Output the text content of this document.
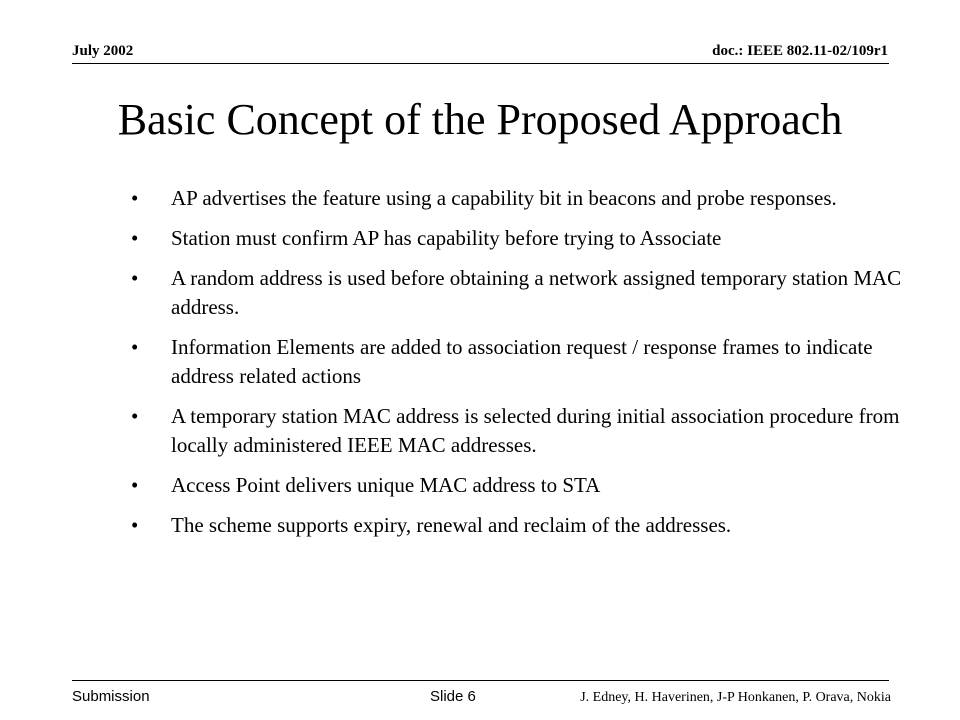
July 2002	doc.: IEEE 802.11-02/109r1
Basic Concept of the Proposed Approach
• AP advertises the feature using a capability bit in beacons and probe responses.
• Station must confirm AP has capability before trying to Associate
• A random address is used before obtaining a network assigned temporary station MAC address.
• Information Elements are added to association request / response frames to indicate address related actions
• A temporary station MAC address is selected during initial association procedure from locally administered IEEE MAC addresses.
• Access Point delivers unique MAC address to STA
• The scheme supports expiry, renewal and reclaim of the addresses.
Submission	Slide 6	J. Edney, H. Haverinen, J-P Honkanen, P. Orava, Nokia
